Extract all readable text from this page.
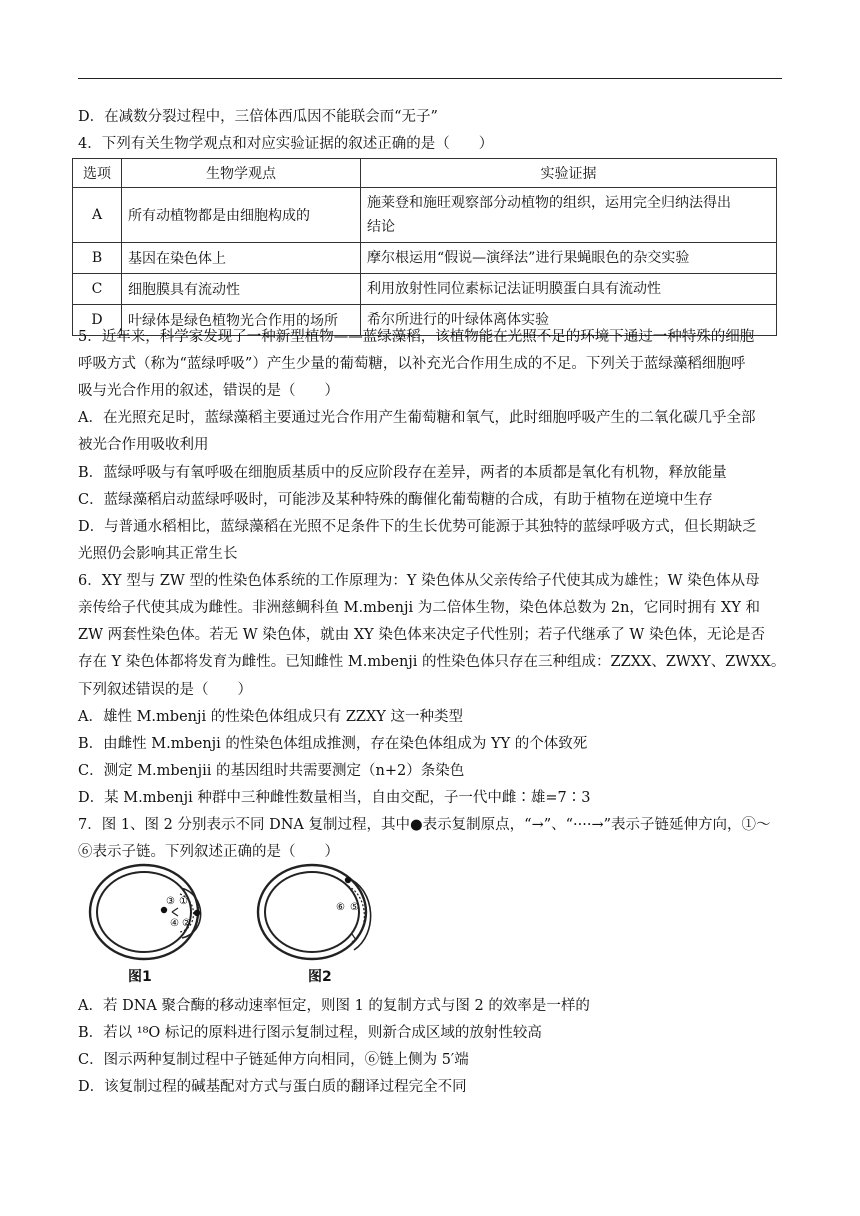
D．在减数分裂过程中，三倍体西瓜因不能联会而“无子”
4．下列有关生物学观点和对应实验证据的叙述正确的是（　　）
选项	生物学观点	实验证据
A	所有动植物都是由细胞构成的	施莱登和施旺观察部分动植物的组织，运用完全归纳法得出
结论

B	基因在染色体上	摩尔根运用“假说—演绎法”进行果蝇眼色的杂交实验
C	细胞膜具有流动性	利用放射性同位素标记法证明膜蛋白具有流动性
D	叶绿体是绿色植物光合作用的场所	希尔所进行的叶绿体离体实验
5．近年来，科学家发现了一种新型植物——蓝绿藻稻，该植物能在光照不足的环境下通过一种特殊的细胞
呼吸方式（称为“蓝绿呼吸”）产生少量的葡萄糖，以补充光合作用生成的不足。下列关于蓝绿藻稻细胞呼
吸与光合作用的叙述，错误的是（　　）
A．在光照充足时，蓝绿藻稻主要通过光合作用产生葡萄糖和氧气，此时细胞呼吸产生的二氧化碳几乎全部
被光合作用吸收利用
B．蓝绿呼吸与有氧呼吸在细胞质基质中的反应阶段存在差异，两者的本质都是氧化有机物，释放能量
C．蓝绿藻稻启动蓝绿呼吸时，可能涉及某种特殊的酶催化葡萄糖的合成，有助于植物在逆境中生存
D．与普通水稻相比，蓝绿藻稻在光照不足条件下的生长优势可能源于其独特的蓝绿呼吸方式，但长期缺乏
光照仍会影响其正常生长
6．XY 型与 ZW 型的性染色体系统的工作原理为：Y 染色体从父亲传给子代使其成为雄性；W 染色体从母
亲传给子代使其成为雌性。非洲慈鲷科鱼 M.mbenji 为二倍体生物，染色体总数为 2n，它同时拥有 XY 和
ZW 两套性染色体。若无 W 染色体，就由 XY 染色体来决定子代性别；若子代继承了 W 染色体，无论是否
存在 Y 染色体都将发育为雌性。已知雌性 M.mbenji 的性染色体只存在三种组成：ZZXX、ZWXY、ZWXX。
下列叙述错误的是（　　）
A．雄性 M.mbenji 的性染色体组成只有 ZZXY 这一种类型
B．由雌性 M.mbenji 的性染色体组成推测，存在染色体组成为 YY 的个体致死
C．测定 M.mbenjii 的基因组时共需要测定（n+2）条染色
D．某 M.mbenji 种群中三种雌性数量相当，自由交配，子一代中雌∶雄=7∶3
7．图 1、图 2 分别表示不同 DNA 复制过程，其中●表示复制原点，“→”、“····→”表示子链延伸方向，①～
⑥表示子链。下列叙述正确的是（　　）
③ ①
④ ②
图1
⑥ ⑤
图2
A．若 DNA 聚合酶的移动速率恒定，则图 1 的复制方式与图 2 的效率是一样的
B．若以 ¹⁸O 标记的原料进行图示复制过程，则新合成区域的放射性较高
C．图示两种复制过程中子链延伸方向相同，⑥链上侧为 5′端
D．该复制过程的碱基配对方式与蛋白质的翻译过程完全不同
